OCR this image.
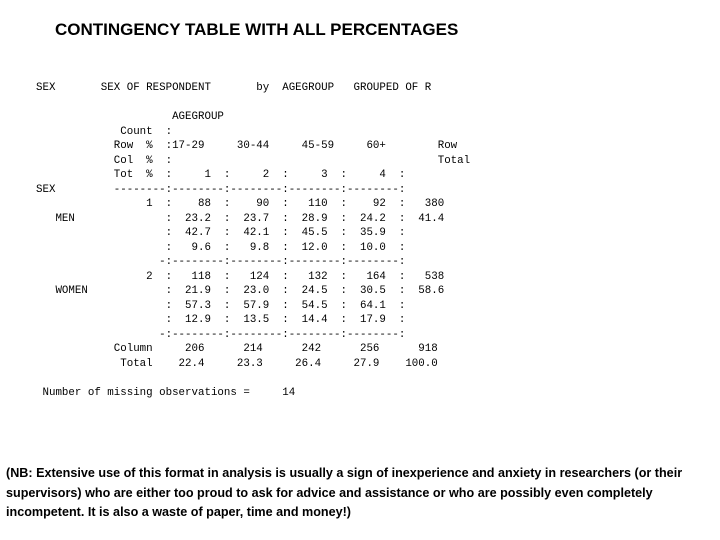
CONTINGENCY TABLE WITH ALL PERCENTAGES
SEX       SEX OF RESPONDENT       by  AGEGROUP   GROUPED OF R
AGEGROUP
Count  :
Row  %  :17-29     30-44     45-59     60+        Row
Col  %  :                                         Total
Tot  %  :     1  :     2  :     3  :     4  :
SEX         --------:--------:--------:--------:--------:
1  :    88  :    90  :   110  :    92  :   380
MEN              :  23.2  :  23.7  :  28.9  :  24.2  :  41.4
:  42.7  :  42.1  :  45.5  :  35.9  :
:   9.6  :   9.8  :  12.0  :  10.0  :
-:--------:--------:--------:--------:
2  :   118  :   124  :   132  :   164  :   538
WOMEN            :  21.9  :  23.0  :  24.5  :  30.5  :  58.6
:  57.3  :  57.9  :  54.5  :  64.1  :
:  12.9  :  13.5  :  14.4  :  17.9  :
-:--------:--------:--------:--------:
Column     206      214      242      256      918
Total    22.4     23.3     26.4     27.9    100.0
Number of missing observations =     14

(NB: Extensive use of this format in analysis is usually a sign of inexperience and anxiety in researchers (or their supervisors) who are either too proud to ask for advice and assistance or who are possibly even completely incompetent. It is also a waste of paper, time and money!)
